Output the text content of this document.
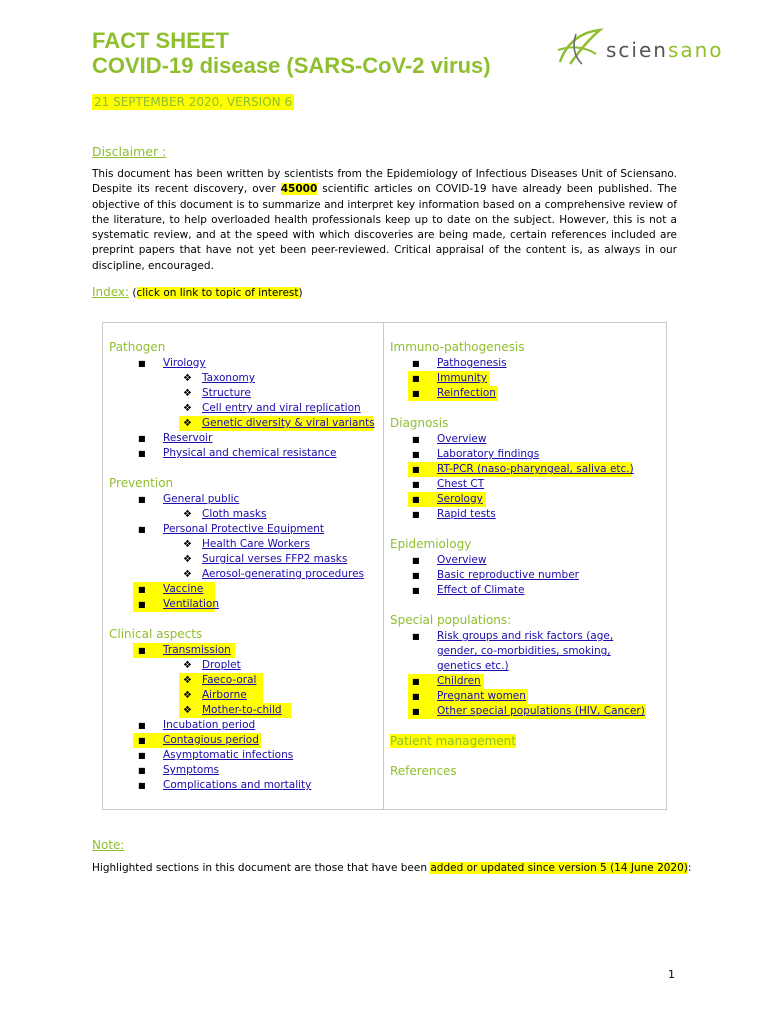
FACT SHEET
COVID-19 disease (SARS-CoV-2 virus)
sciensano
21 SEPTEMBER 2020, VERSION 6
Disclaimer :
This document has been written by scientists from the Epidemiology of Infectious Diseases Unit of Sciensano. Despite its recent discovery, over 45000 scientific articles on COVID-19 have already been published. The objective of this document is to summarize and interpret key information based on a comprehensive review of the literature, to help overloaded health professionals keep up to date on the subject. However, this is not a systematic review, and at the speed with which discoveries are being made, certain references included are preprint papers that have not yet been peer-reviewed. Critical appraisal of the content is, as always in our discipline, encouraged.
Index: (click on link to topic of interest)
Pathogen
■ Virology
❖ Taxonomy
❖ Structure
❖ Cell entry and viral replication
❖ Genetic diversity & viral variants
■ Reservoir
■ Physical and chemical resistance
Prevention
■ General public
❖ Cloth masks
■ Personal Protective Equipment
❖ Health Care Workers
❖ Surgical verses FFP2 masks
❖ Aerosol-generating procedures
■ Vaccine
■ Ventilation
Clinical aspects
■ Transmission
❖ Droplet
❖ Faeco-oral
❖ Airborne
❖ Mother-to-child
■ Incubation period
■ Contagious period
■ Asymptomatic infections
■ Symptoms
■ Complications and mortality
Immuno-pathogenesis
■ Pathogenesis
■ Immunity
■ Reinfection
Diagnosis
■ Overview
■ Laboratory findings
■ RT-PCR (naso-pharyngeal, saliva etc.)
■ Chest CT
■ Serology
■ Rapid tests
Epidemiology
■ Overview
■ Basic reproductive number
■ Effect of Climate
Special populations:
■ Risk groups and risk factors (age, gender, co-morbidities, smoking, genetics etc.)
■ Children
■ Pregnant women
■ Other special populations (HIV, Cancer)
Patient management
References
Note:
Highlighted sections in this document are those that have been added or updated since version 5 (14 June 2020):
1
